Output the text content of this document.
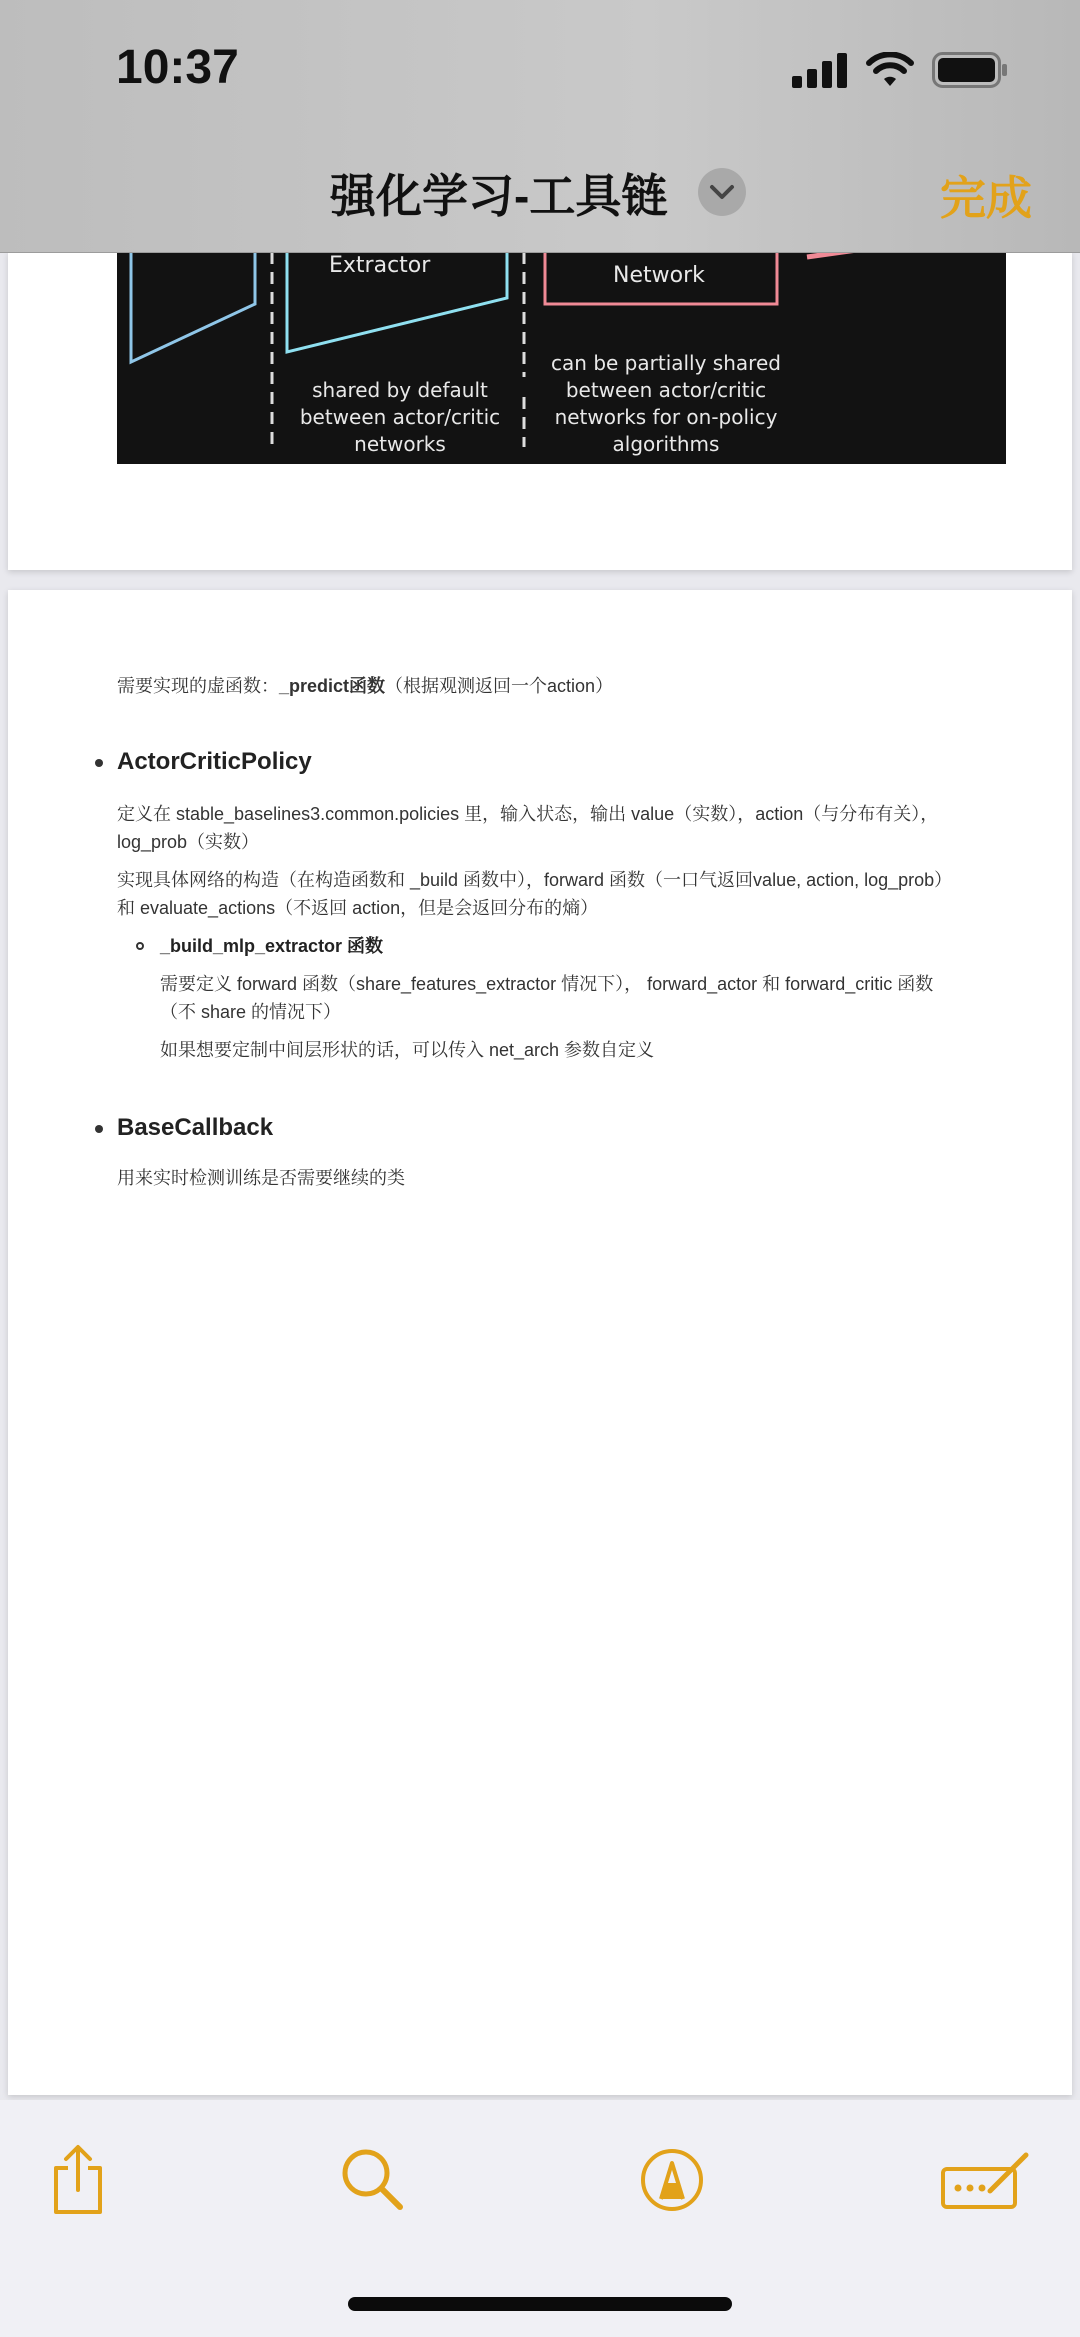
10:37
强化学习-工具链	完成
Extractor	Network
shared by default
between actor/critic
networks
can be partially shared
between actor/critic
networks for on-policy
algorithms
需要实现的虚函数：_predict函数（根据观测返回一个action）
ActorCriticPolicy
定义在 stable_baselines3.common.policies 里，输入状态，输出 value（实数），action（与分布有关），
log_prob（实数）
实现具体网络的构造（在构造函数和 _build 函数中），forward 函数（一口气返回value, action, log_prob）
和 evaluate_actions（不返回 action，但是会返回分布的熵）
_build_mlp_extractor 函数
需要定义 forward 函数（share_features_extractor 情况下）， forward_actor 和 forward_critic 函数
（不 share 的情况下）
如果想要定制中间层形状的话，可以传入 net_arch 参数自定义
BaseCallback
用来实时检测训练是否需要继续的类
